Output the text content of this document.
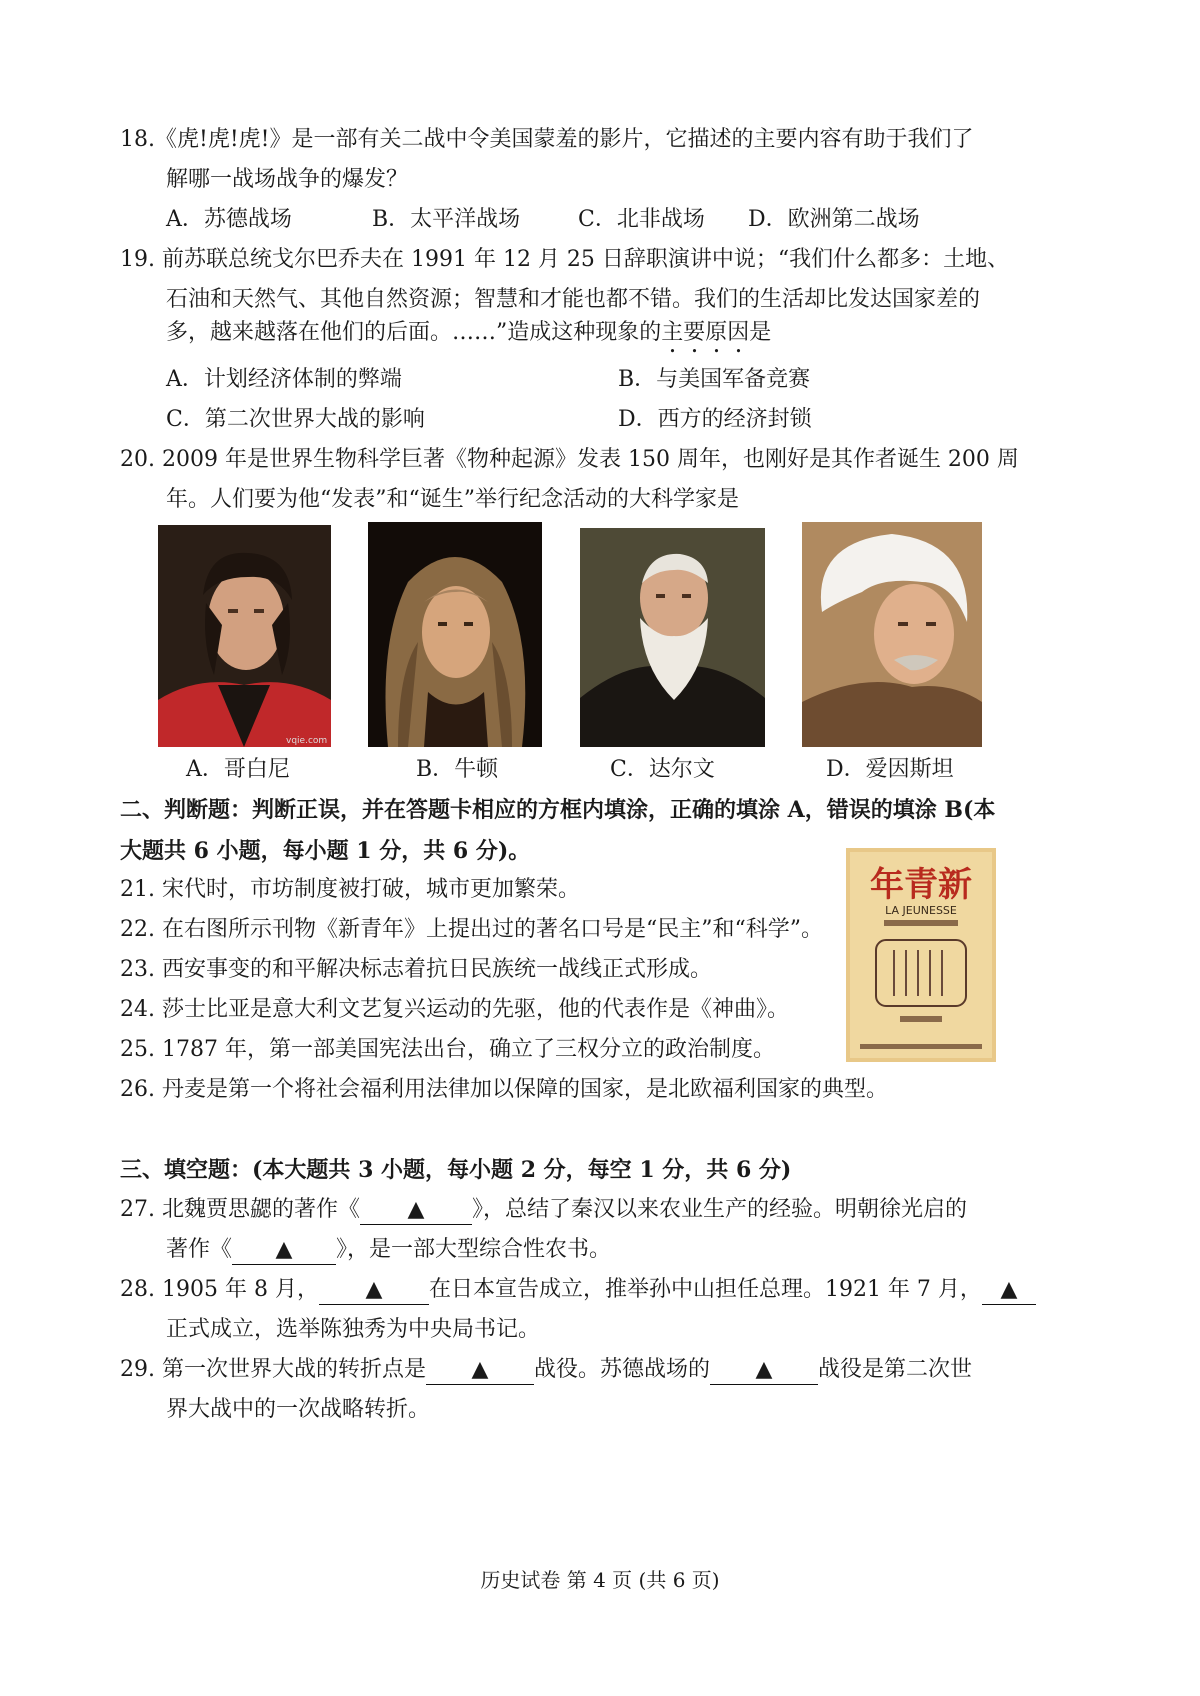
18.《虎!虎!虎!》是一部有关二战中令美国蒙羞的影片，它描述的主要内容有助于我们了
解哪一战场战争的爆发？
A．苏德战场	B．太平洋战场	C．北非战场 D．欧洲第二战场
19. 前苏联总统戈尔巴乔夫在 1991 年 12 月 25 日辞职演讲中说；“我们什么都多：土地、
石油和天然气、其他自然资源；智慧和才能也都不错。我们的生活却比发达国家差的
多，越来越落在他们的后面。……”造成这种现象的主要原因是
A．计划经济体制的弊端	B．与美国军备竞赛
C．第二次世界大战的影响	D．西方的经济封锁
20. 2009 年是世界生物科学巨著《物种起源》发表 150 周年，也刚好是其作者诞生 200 周
年。人们要为他“发表”和“诞生”举行纪念活动的大科学家是
vqie.com
A．哥白尼	B．牛顿	C．达尔文	D．爱因斯坦
二、判断题：判断正误，并在答题卡相应的方框内填涂，正确的填涂 A，错误的填涂 B(本
大题共 6 小题，每小题 1 分，共 6 分)。
21. 宋代时，市坊制度被打破，城市更加繁荣。
22. 在右图所示刊物《新青年》上提出过的著名口号是“民主”和“科学”。
23. 西安事变的和平解决标志着抗日民族统一战线正式形成。
24. 莎士比亚是意大利文艺复兴运动的先驱，他的代表作是《神曲》。
25. 1787 年，第一部美国宪法出台，确立了三权分立的政治制度。
26. 丹麦是第一个将社会福利用法律加以保障的国家，是北欧福利国家的典型。
年青新
LA JEUNESSE
三、填空题：(本大题共 3 小题，每小题 2 分，每空 1 分，共 6 分)
27. 北魏贾思勰的著作《 ▲ 》，总结了秦汉以来农业生产的经验。明朝徐光启的
著作《 ▲ 》，是一部大型综合性农书。
28. 1905 年 8 月， ▲ 在日本宣告成立，推举孙中山担任总理。1921 年 7 月， ▲
正式成立，选举陈独秀为中央局书记。
29. 第一次世界大战的转折点是 ▲ 战役。苏德战场的 ▲ 战役是第二次世
界大战中的一次战略转折。
历史试卷 第 4 页 (共 6 页)
